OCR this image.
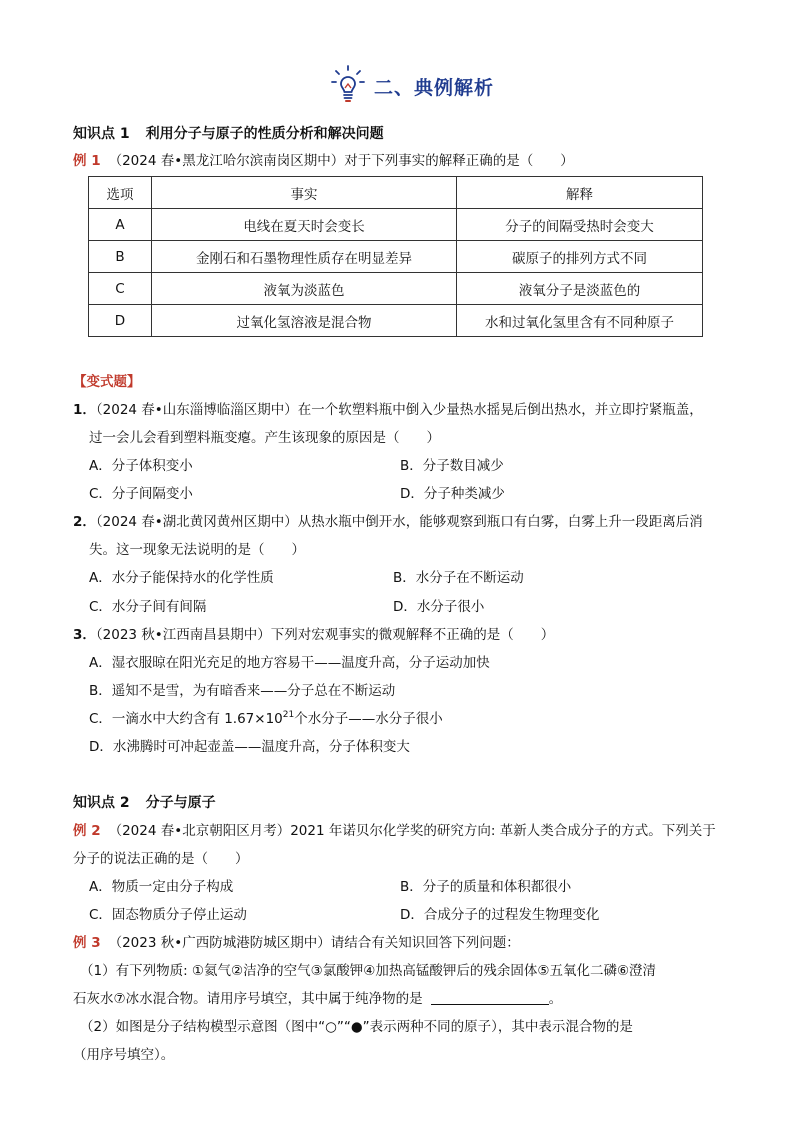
二、典例解析
知识点 1 利用分子与原子的性质分析和解决问题
例 1 （2024 春•黑龙江哈尔滨南岗区期中）对于下列事实的解释正确的是（　　）
选项	事实	解释
A	电线在夏天时会变长	分子的间隔受热时会变大
B	金刚石和石墨物理性质存在明显差异	碳原子的排列方式不同
C	液氧为淡蓝色	液氧分子是淡蓝色的
D	过氧化氢溶液是混合物	水和过氧化氢里含有不同种原子
【变式题】
1．（2024 春•山东淄博临淄区期中）在一个软塑料瓶中倒入少量热水摇晃后倒出热水，并立即拧紧瓶盖，
过一会儿会看到塑料瓶变瘪。产生该现象的原因是（　　）
A．分子体积变小	B．分子数目减少
C．分子间隔变小	D．分子种类减少
2．（2024 春•湖北黄冈黄州区期中）从热水瓶中倒开水，能够观察到瓶口有白雾，白雾上升一段距离后消
失。这一现象无法说明的是（　　）
A．水分子能保持水的化学性质	B．水分子在不断运动
C．水分子间有间隔	D．水分子很小
3．（2023 秋•江西南昌县期中）下列对宏观事实的微观解释不正确的是（　　）
A．湿衣服晾在阳光充足的地方容易干——温度升高，分子运动加快
B．遥知不是雪，为有暗香来——分子总在不断运动
C．一滴水中大约含有 $1.67\times 10^{21}$个水分子——水分子很小
D．水沸腾时可冲起壶盖——温度升高，分子体积变大
知识点 2 分子与原子
例 2 （2024 春•北京朝阳区月考）2021 年诺贝尔化学奖的研究方向: 革新人类合成分子的方式。下列关于
分子的说法正确的是（　　）
A．物质一定由分子构成	B．分子的质量和体积都很小
C．固态物质分子停止运动	D．合成分子的过程发生物理变化
例 3 （2023 秋•广西防城港防城区期中）请结合有关知识回答下列问题：
（1）有下列物质: ①氦气②洁净的空气③氯酸钾④加热高锰酸钾后的残余固体⑤五氧化二磷⑥澄清
石灰水⑦冰水混合物。请用序号填空，其中属于纯净物的是	。
（2）如图是分子结构模型示意图（图中“○”“●”表示两种不同的原子），其中表示混合物的是
（用序号填空）。
